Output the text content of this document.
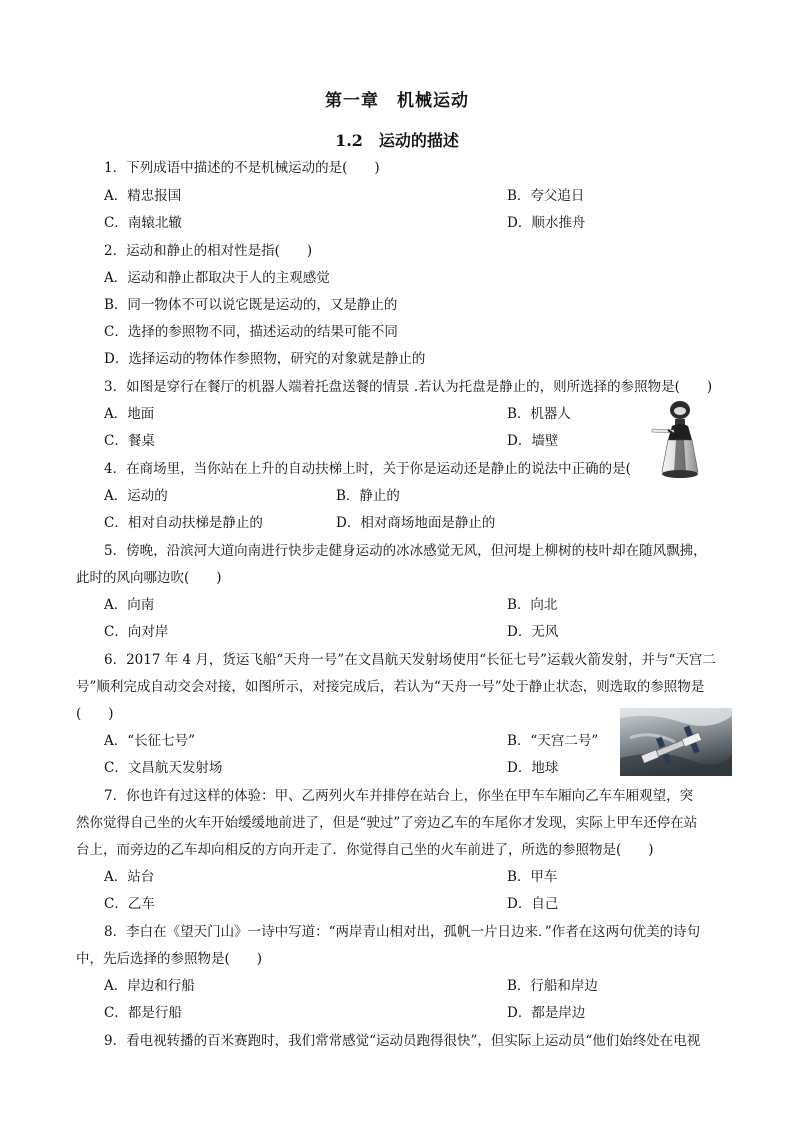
第一章　机械运动
1.2　运动的描述
1．下列成语中描述的不是机械运动的是(　　)
A．精忠报国	B．夸父追日
C．南辕北辙	D．顺水推舟
2．运动和静止的相对性是指(　　)
A．运动和静止都取决于人的主观感觉
B．同一物体不可以说它既是运动的，又是静止的
C．选择的参照物不同，描述运动的结果可能不同
D．选择运动的物体作参照物，研究的对象就是静止的
3．如图是穿行在餐厅的机器人端着托盘送餐的情景 .若认为托盘是静止的，则所选择的参照物是(　　)
A．地面	B．机器人
C．餐桌	D．墙壁
4．在商场里，当你站在上升的自动扶梯上时，关于你是运动还是静止的说法中正确的是(
A．运动的	B．静止的
C．相对自动扶梯是静止的	D．相对商场地面是静止的
5．傍晚，沿滨河大道向南进行快步走健身运动的冰冰感觉无风，但河堤上柳树的枝叶却在随风飘拂，
此时的风向哪边吹(　　)
A．向南	B．向北
C．向对岸	D．无风
6．2017 年 4 月，货运飞船“天舟一号”在文昌航天发射场使用“长征七号”运载火箭发射，并与“天宫二
号”顺利完成自动交会对接，如图所示，对接完成后，若认为“天舟一号”处于静止状态，则选取的参照物是
(　　)
A．“长征七号”	B．“天宫二号”
C．文昌航天发射场	D．地球
7．你也许有过这样的体验：甲、乙两列火车并排停在站台上，你坐在甲车车厢向乙车车厢观望，突
然你觉得自己坐的火车开始缓缓地前进了，但是“驶过”了旁边乙车的车尾你才发现，实际上甲车还停在站
台上，而旁边的乙车却向相反的方向开走了．你觉得自己坐的火车前进了，所选的参照物是(　　)
A．站台	B．甲车
C．乙车	D．自己
8．李白在《望天门山》一诗中写道：“两岸青山相对出，孤帆一片日边来．”作者在这两句优美的诗句
中，先后选择的参照物是(　　)
A．岸边和行船	B．行船和岸边
C．都是行船	D．都是岸边
9．看电视转播的百米赛跑时，我们常常感觉“运动员跑得很快”，但实际上运动员“他们始终处在电视
